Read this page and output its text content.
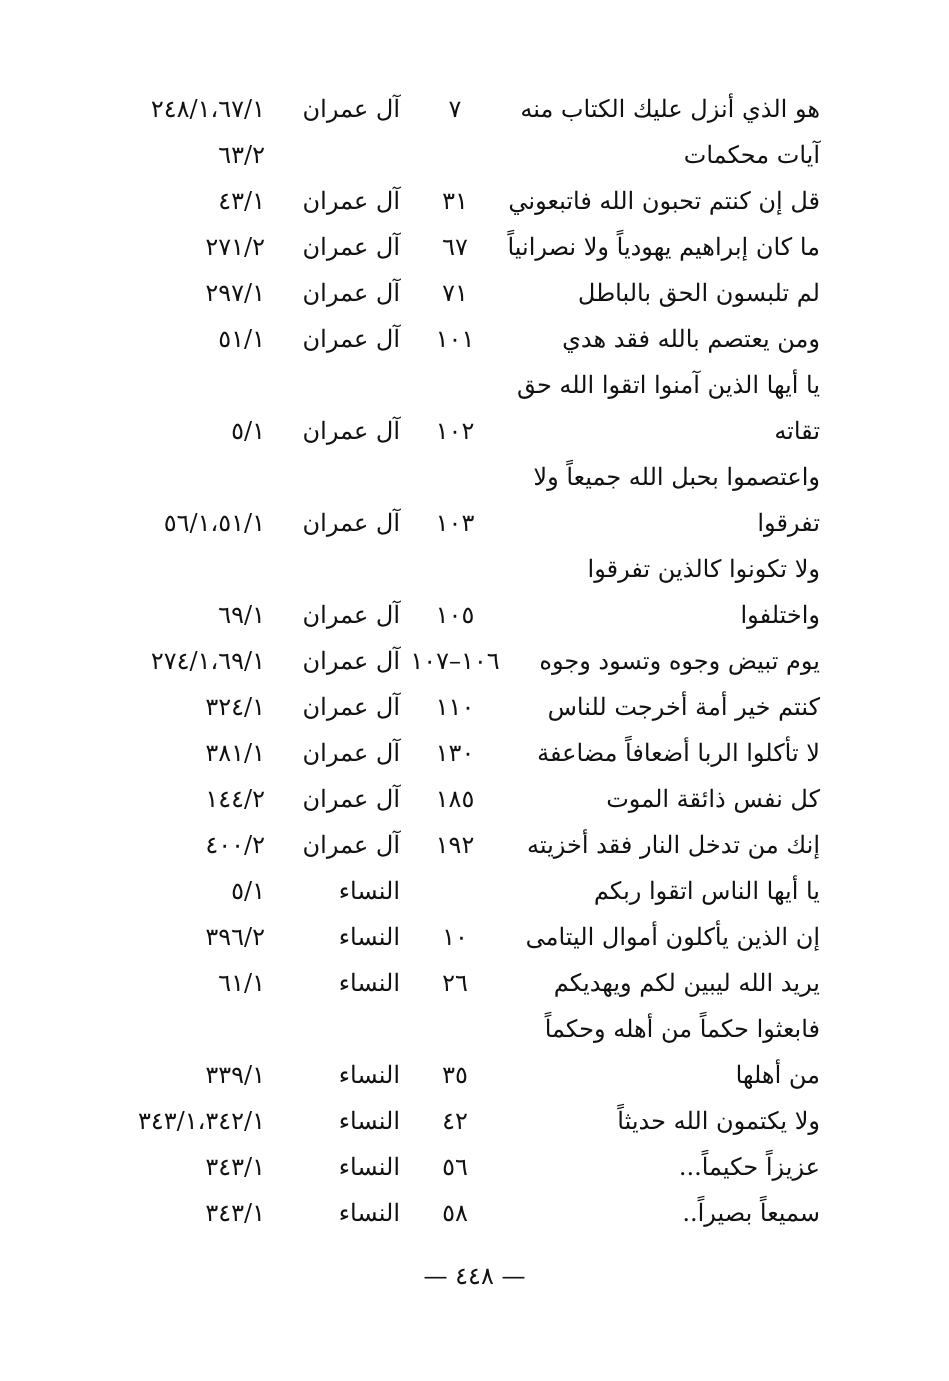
هو الذي أنزل عليك الكتاب منه
٧
آل عمران
٢٤٨/١،٦٧/١
آيات محكمات
٦٣/٢
قل إن كنتم تحبون الله فاتبعوني
٣١
آل عمران
٤٣/١
ما كان إبراهيم يهودياً ولا نصرانياً
٦٧
آل عمران
٢٧١/٢
لم تلبسون الحق بالباطل
٧١
آل عمران
٢٩٧/١
ومن يعتصم بالله فقد هدي
١٠١
آل عمران
٥١/١
يا أيها الذين آمنوا اتقوا الله حق
تقاته
١٠٢
آل عمران
٥/١
واعتصموا بحبل الله جميعاً ولا
تفرقوا
١٠٣
آل عمران
٥٦/١،٥١/١
ولا تكونوا كالذين تفرقوا
واختلفوا
١٠٥
آل عمران
٦٩/١
يوم تبيض وجوه وتسود وجوه
١٠٦–١٠٧
آل عمران
٢٧٤/١،٦٩/١
كنتم خير أمة أخرجت للناس
١١٠
آل عمران
٣٢٤/١
لا تأكلوا الربا أضعافاً مضاعفة
١٣٠
آل عمران
٣٨١/١
كل نفس ذائقة الموت
١٨٥
آل عمران
١٤٤/٢
إنك من تدخل النار فقد أخزيته
١٩٢
آل عمران
٤٠٠/٢
يا أيها الناس اتقوا ربكم
النساء
٥/١
إن الذين يأكلون أموال اليتامى
١٠
النساء
٣٩٦/٢
يريد الله ليبين لكم ويهديكم
٢٦
النساء
٦١/١
فابعثوا حكماً من أهله وحكماً
من أهلها
٣٥
النساء
٣٣٩/١
ولا يكتمون الله حديثاً
٤٢
النساء
٣٤٣/١،٣٤٢/١
عزيزاً حكيماً...
٥٦
النساء
٣٤٣/١
سميعاً بصيراً..
٥٨
النساء
٣٤٣/١
— ٤٤٨ —
